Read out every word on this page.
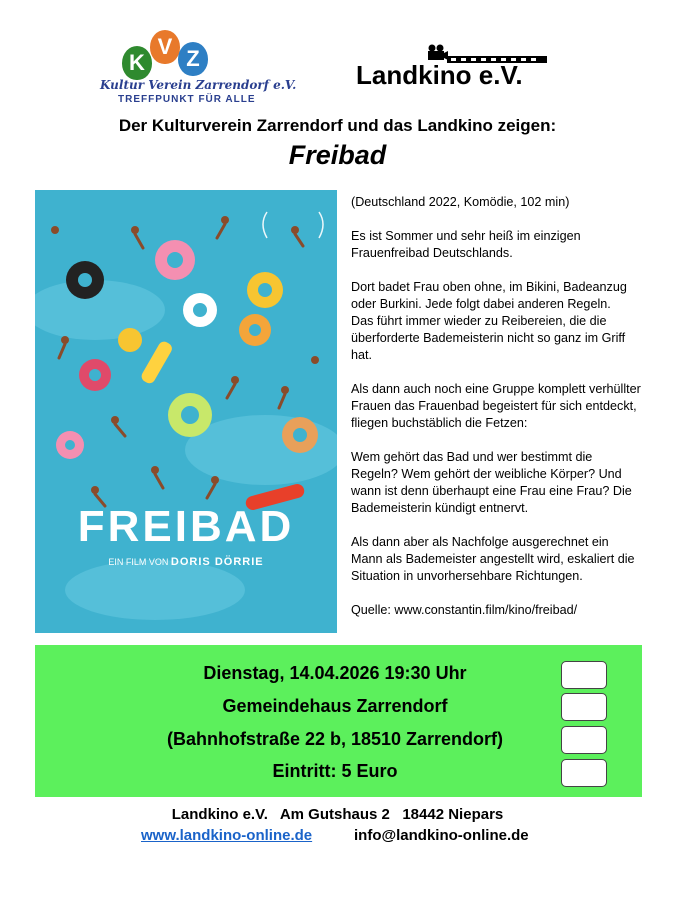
K
V Z
Kultur Verein Zarrendorf e.V.
TREFFPUNKT FÜR ALLE
Landkino e.V.
Der Kulturverein Zarrendorf und das Landkino zeigen:
Freibad
FREIBAD
EIN FILM VON DORIS DÖRRIE

(Deutschland 2022, Komödie, 102 min)

Es ist Sommer und sehr heiß im einzigen Frauenfreibad Deutschlands.

Dort badet Frau oben ohne, im Bikini, Badeanzug oder Burkini. Jede folgt dabei anderen Regeln.

Das führt immer wieder zu Reibereien, die die überforderte Bademeisterin nicht so ganz im Griff hat.

Als dann auch noch eine Gruppe komplett verhüllter Frauen das Frauenbad begeistert für sich entdeckt, fliegen buchstäblich die Fetzen:

Wem gehört das Bad und wer bestimmt die Regeln? Wem gehört der weibliche Körper? Und wann ist denn überhaupt eine Frau eine Frau? Die Bademeisterin kündigt entnervt.

Als dann aber als Nachfolge ausgerechnet ein Mann als Bademeister angestellt wird, eskaliert die Situation in unvorhersehbare Richtungen.

Quelle: www.constantin.film/kino/freibad/

Dienstag, 14.04.2026 19:30 Uhr
Gemeindehaus Zarrendorf
(Bahnhofstraße 22 b, 18510 Zarrendorf)
Eintritt: 5 Euro
Landkino e.V.   Am Gutshaus 2   18442 Niepars
www.landkino-online.de	info@landkino-online.de
